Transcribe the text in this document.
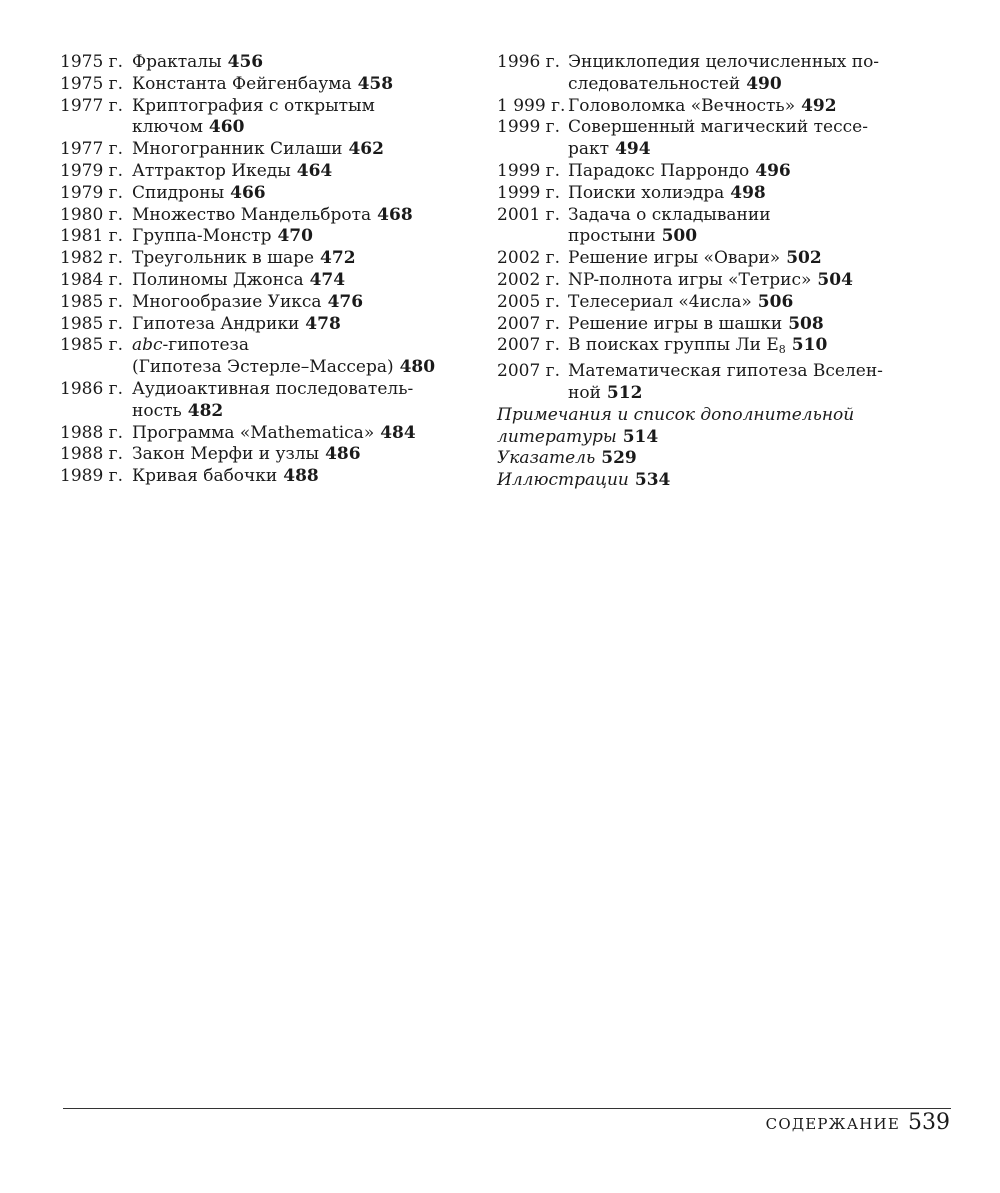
1975 г. Фракталы 456
1975 г. Константа Фейгенбаума 458
1977 г. Криптография с открытым
ключом 460
1977 г. Многогранник Силаши 462
1979 г. Аттрактор Икеды 464
1979 г. Спидроны 466
1980 г. Множество Мандельброта 468
1981 г. Группа-Монстр 470
1982 г. Треугольник в шаре 472
1984 г. Полиномы Джонса 474
1985 г. Многообразие Уикса 476
1985 г. Гипотеза Андрики 478
1985 г. abc-гипотеза
(Гипотеза Эстерле–Массера) 480
1986 г. Аудиоактивная последователь-
ность 482
1988 г. Программа «Mathematica» 484
1988 г. Закон Мерфи и узлы 486
1989 г. Кривая бабочки 488
1996 г. Энциклопедия целочисленных по-
следовательностей 490
1 999 г. Головоломка «Вечность» 492
1999 г. Совершенный магический тессе-
ракт 494
1999 г. Парадокс Паррондо 496
1999 г. Поиски холиэдра 498
2001 г. Задача о складывании
простыни 500
2002 г. Решение игры «Овари» 502
2002 г. NP-полнота игры «Тетрис» 504
2005 г. Телесериал «4исла» 506
2007 г. Решение игры в шашки 508
2007 г. В поисках группы Ли $E_8$ 510
2007 г. Математическая гипотеза Вселен-
ной 512
Примечания и список дополнительной
литературы 514
Указатель 529
Иллюстрации 534
СОДЕРЖАНИЕ 539
